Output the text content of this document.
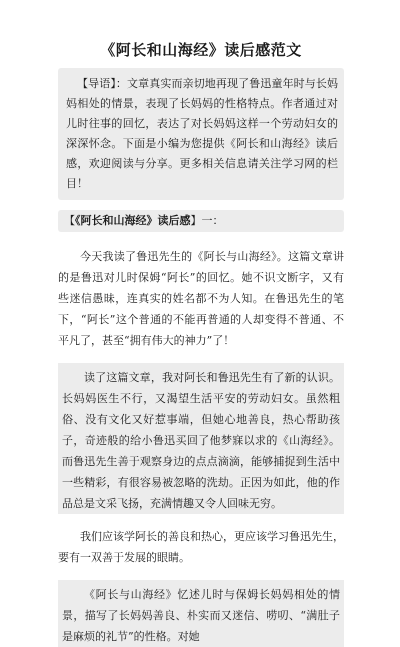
《阿长和山海经》读后感范文
【导语】：文章真实而亲切地再现了鲁迅童年时与长妈妈相处的情景，表现了长妈妈的性格特点。作者通过对儿时往事的回忆，表达了对长妈妈这样一个劳动妇女的深深怀念。下面是小编为您提供《阿长和山海经》读后感，欢迎阅读与分享。更多相关信息请关注学习网的栏目！
【《阿长和山海经》读后感】一：

今天我读了鲁迅先生的《阿长与山海经》。这篇文章讲的是鲁迅对儿时保姆“阿长”的回忆。她不识文断字，又有些迷信愚昧，连真实的姓名都不为人知。在鲁迅先生的笔下，“阿长”这个普通的不能再普通的人却变得不普通、不平凡了，甚至“拥有伟大的神力”了！

读了这篇文章，我对阿长和鲁迅先生有了新的认识。长妈妈医生不行，又渴望生活平安的劳动妇女。虽然粗俗、没有文化又好惹事端，但她心地善良，热心帮助孩子，奇迹般的给小鲁迅买回了他梦寐以求的《山海经》。而鲁迅先生善于观察身边的点点滴滴，能够捕捉到生活中一些精彩，有很容易被忽略的洗劫。正因为如此，他的作品总是文采飞扬，充满情趣又令人回味无穷。

我们应该学阿长的善良和热心，更应该学习鲁迅先生，要有一双善于发展的眼睛。

《阿长与山海经》忆述儿时与保姆长妈妈相处的情景，描写了长妈妈善良、朴实而又迷信、唠叨、“满肚子是麻烦的礼节”的性格。对她
